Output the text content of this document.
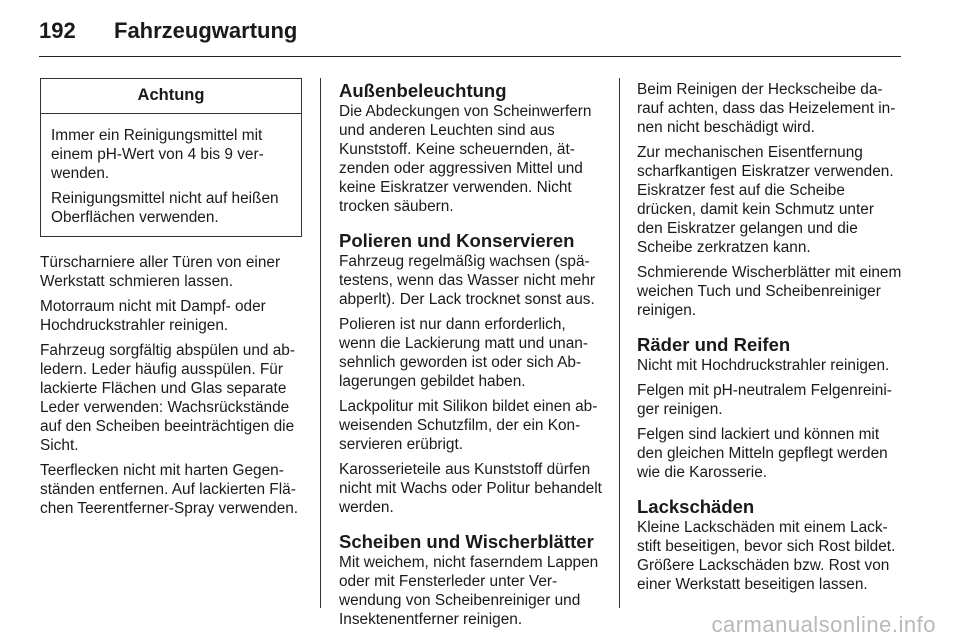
192 Fahrzeugwartung
Achtung

Immer ein Reinigungsmittel mit einem pH-Wert von 4 bis 9 verwenden.

Reinigungsmittel nicht auf heißen Oberflächen verwenden.

Türscharniere aller Türen von einer Werkstatt schmieren lassen.

Motorraum nicht mit Dampf- oder Hochdruckstrahler reinigen.

Fahrzeug sorgfältig abspülen und abledern. Leder häufig ausspülen. Für lackierte Flächen und Glas separate Leder verwenden: Wachsrückstände auf den Scheiben beeinträchtigen die Sicht.

Teerflecken nicht mit harten Gegenständen entfernen. Auf lackierten Flächen Teerentferner-Spray verwenden.

Außenbeleuchtung

Die Abdeckungen von Scheinwerfern und anderen Leuchten sind aus Kunststoff. Keine scheuernden, ätzenden oder aggressiven Mittel und keine Eiskratzer verwenden. Nicht trocken säubern.

Polieren und Konservieren

Fahrzeug regelmäßig wachsen (spätestens, wenn das Wasser nicht mehr abperlt). Der Lack trocknet sonst aus.

Polieren ist nur dann erforderlich, wenn die Lackierung matt und unansehnlich geworden ist oder sich Ablagerungen gebildet haben.

Lackpolitur mit Silikon bildet einen abweisenden Schutzfilm, der ein Konservieren erübrigt.

Karosserieteile aus Kunststoff dürfen nicht mit Wachs oder Politur behandelt werden.

Scheiben und Wischerblätter

Mit weichem, nicht faserndem Lappen oder mit Fensterleder unter Verwendung von Scheibenreiniger und Insektenentferner reinigen.

Beim Reinigen der Heckscheibe darauf achten, dass das Heizelement innen nicht beschädigt wird.

Zur mechanischen Eisentfernung scharfkantigen Eiskratzer verwenden. Eiskratzer fest auf die Scheibe drücken, damit kein Schmutz unter den Eiskratzer gelangen und die Scheibe zerkratzen kann.

Schmierende Wischerblätter mit einem weichen Tuch und Scheibenreiniger reinigen.

Räder und Reifen

Nicht mit Hochdruckstrahler reinigen.

Felgen mit pH-neutralem Felgenreiniger reinigen.

Felgen sind lackiert und können mit den gleichen Mitteln gepflegt werden wie die Karosserie.

Lackschäden

Kleine Lackschäden mit einem Lackstift beseitigen, bevor sich Rost bildet. Größere Lackschäden bzw. Rost von einer Werkstatt beseitigen lassen.

carmanualsonline.info
